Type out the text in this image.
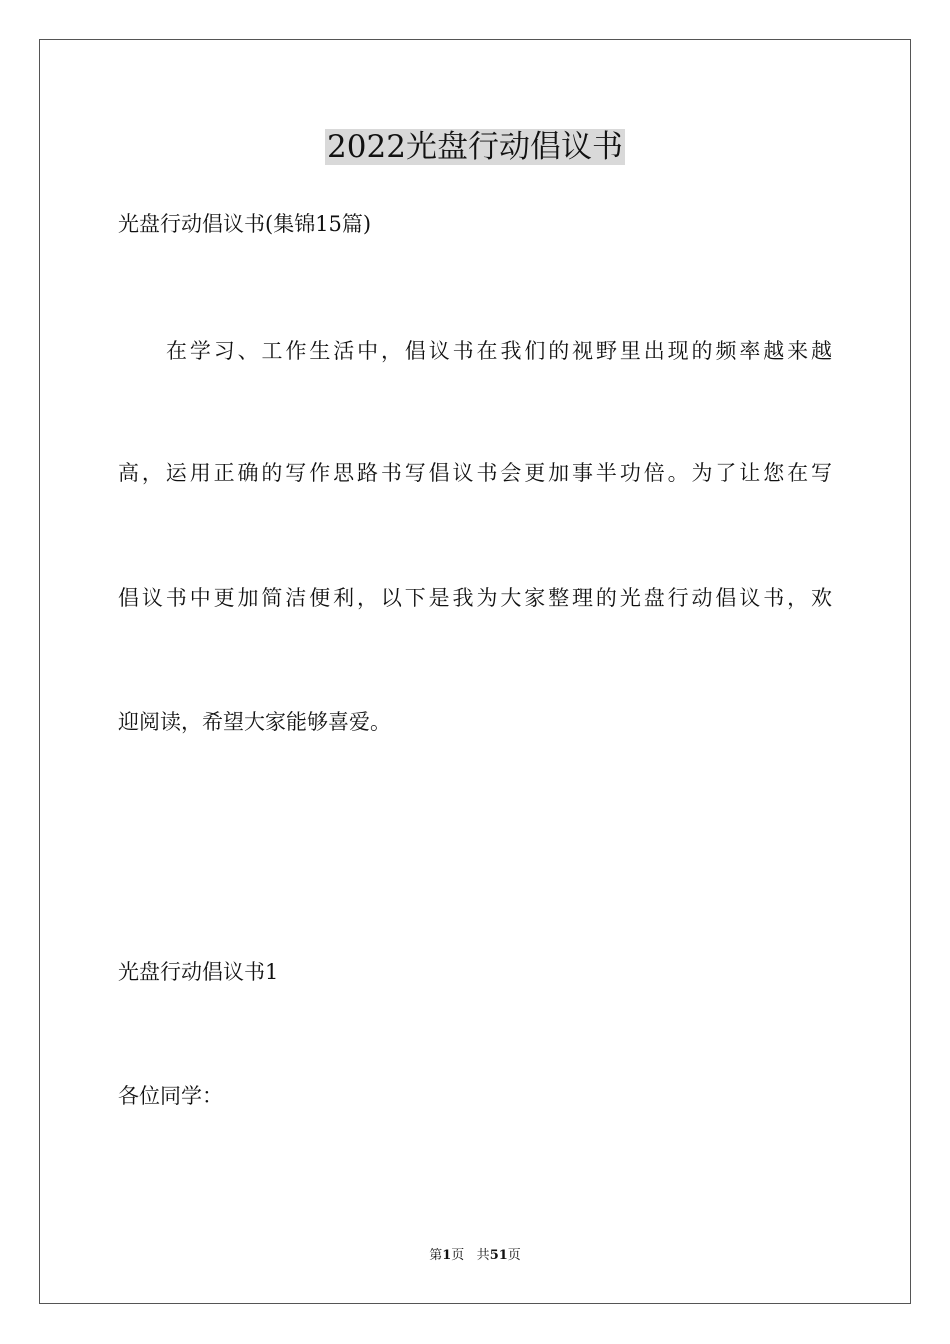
2022光盘行动倡议书
光盘行动倡议书(集锦15篇)
在学习、工作生活中，倡议书在我们的视野里出现的频率越来越
高，运用正确的写作思路书写倡议书会更加事半功倍。为了让您在写
倡议书中更加简洁便利，以下是我为大家整理的光盘行动倡议书，欢
迎阅读，希望大家能够喜爱。
光盘行动倡议书1
各位同学：
第1页 共51页
